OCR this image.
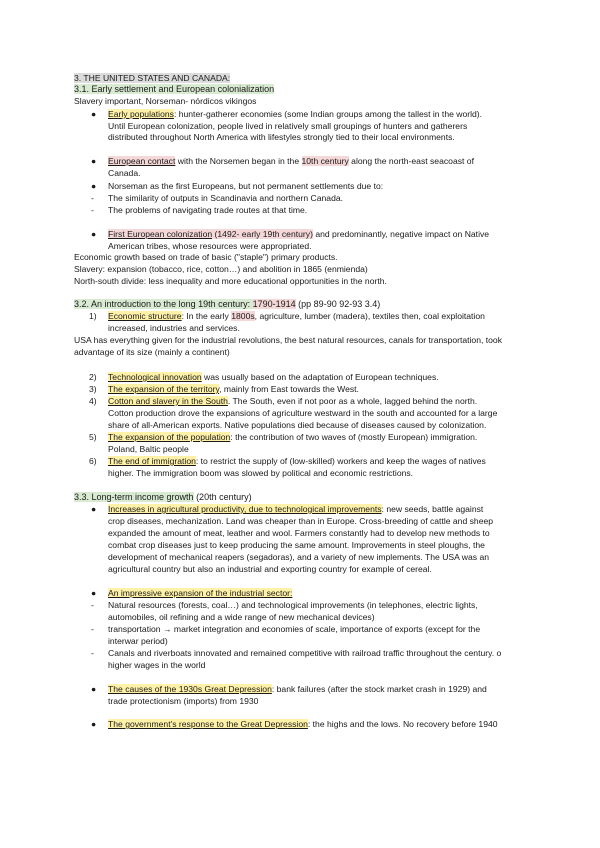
3. THE UNITED STATES AND CANADA:
3.1. Early settlement and European colonialization
Slavery important, Norseman- nórdicos vikingos
● Early populations: hunter-gatherer economies (some Indian groups among the tallest in the world).
Until European colonization, people lived in relatively small groupings of hunters and gatherers
distributed throughout North America with lifestyles strongly tied to their local environments.
● European contact with the Norsemen began in the 10th century along the north-east seacoast of
Canada.
● Norseman as the first Europeans, but not permanent settlements due to:
- The similarity of outputs in Scandinavia and northern Canada.
- The problems of navigating trade routes at that time.
● First European colonization (1492- early 19th century) and predominantly, negative impact on Native
American tribes, whose resources were appropriated.
Economic growth based on trade of basic ("staple") primary products.
Slavery: expansion (tobacco, rice, cotton…) and abolition in 1865 (enmienda)
North-south divide: less inequality and more educational opportunities in the north.
3.2. An introduction to the long 19th century: 1790-1914 (pp 89-90 92-93 3.4)
1) Economic structure: In the early 1800s, agriculture, lumber (madera), textiles then, coal exploitation
increased, industries and services.
USA has everything given for the industrial revolutions, the best natural resources, canals for transportation, took
advantage of its size (mainly a continent)
2) Technological innovation was usually based on the adaptation of European techniques.
3) The expansion of the territory, mainly from East towards the West.
4) Cotton and slavery in the South. The South, even if not poor as a whole, lagged behind the north.
Cotton production drove the expansions of agriculture westward in the south and accounted for a large
share of all-American exports. Native populations died because of diseases caused by colonization.
5) The expansion of the population: the contribution of two waves of (mostly European) immigration.
Poland, Baltic people
6) The end of immigration: to restrict the supply of (low-skilled) workers and keep the wages of natives
higher. The immigration boom was slowed by political and economic restrictions.
3.3. Long-term income growth (20th century)
● Increases in agricultural productivity, due to technological improvements: new seeds, battle against
crop diseases, mechanization. Land was cheaper than in Europe. Cross-breeding of cattle and sheep
expanded the amount of meat, leather and wool. Farmers constantly had to develop new methods to
combat crop diseases just to keep producing the same amount. Improvements in steel ploughs, the
development of mechanical reapers (segadoras), and a variety of new implements. The USA was an
agricultural country but also an industrial and exporting country for example of cereal.
● An impressive expansion of the industrial sector:
- Natural resources (forests, coal…) and technological improvements (in telephones, electric lights,
automobiles, oil refining and a wide range of new mechanical devices)
- transportation → market integration and economies of scale, importance of exports (except for the
interwar period)
- Canals and riverboats innovated and remained competitive with railroad traffic throughout the century. o
higher wages in the world
● The causes of the 1930s Great Depression: bank failures (after the stock market crash in 1929) and
trade protectionism (imports) from 1930
● The government's response to the Great Depression: the highs and the lows. No recovery before 1940
